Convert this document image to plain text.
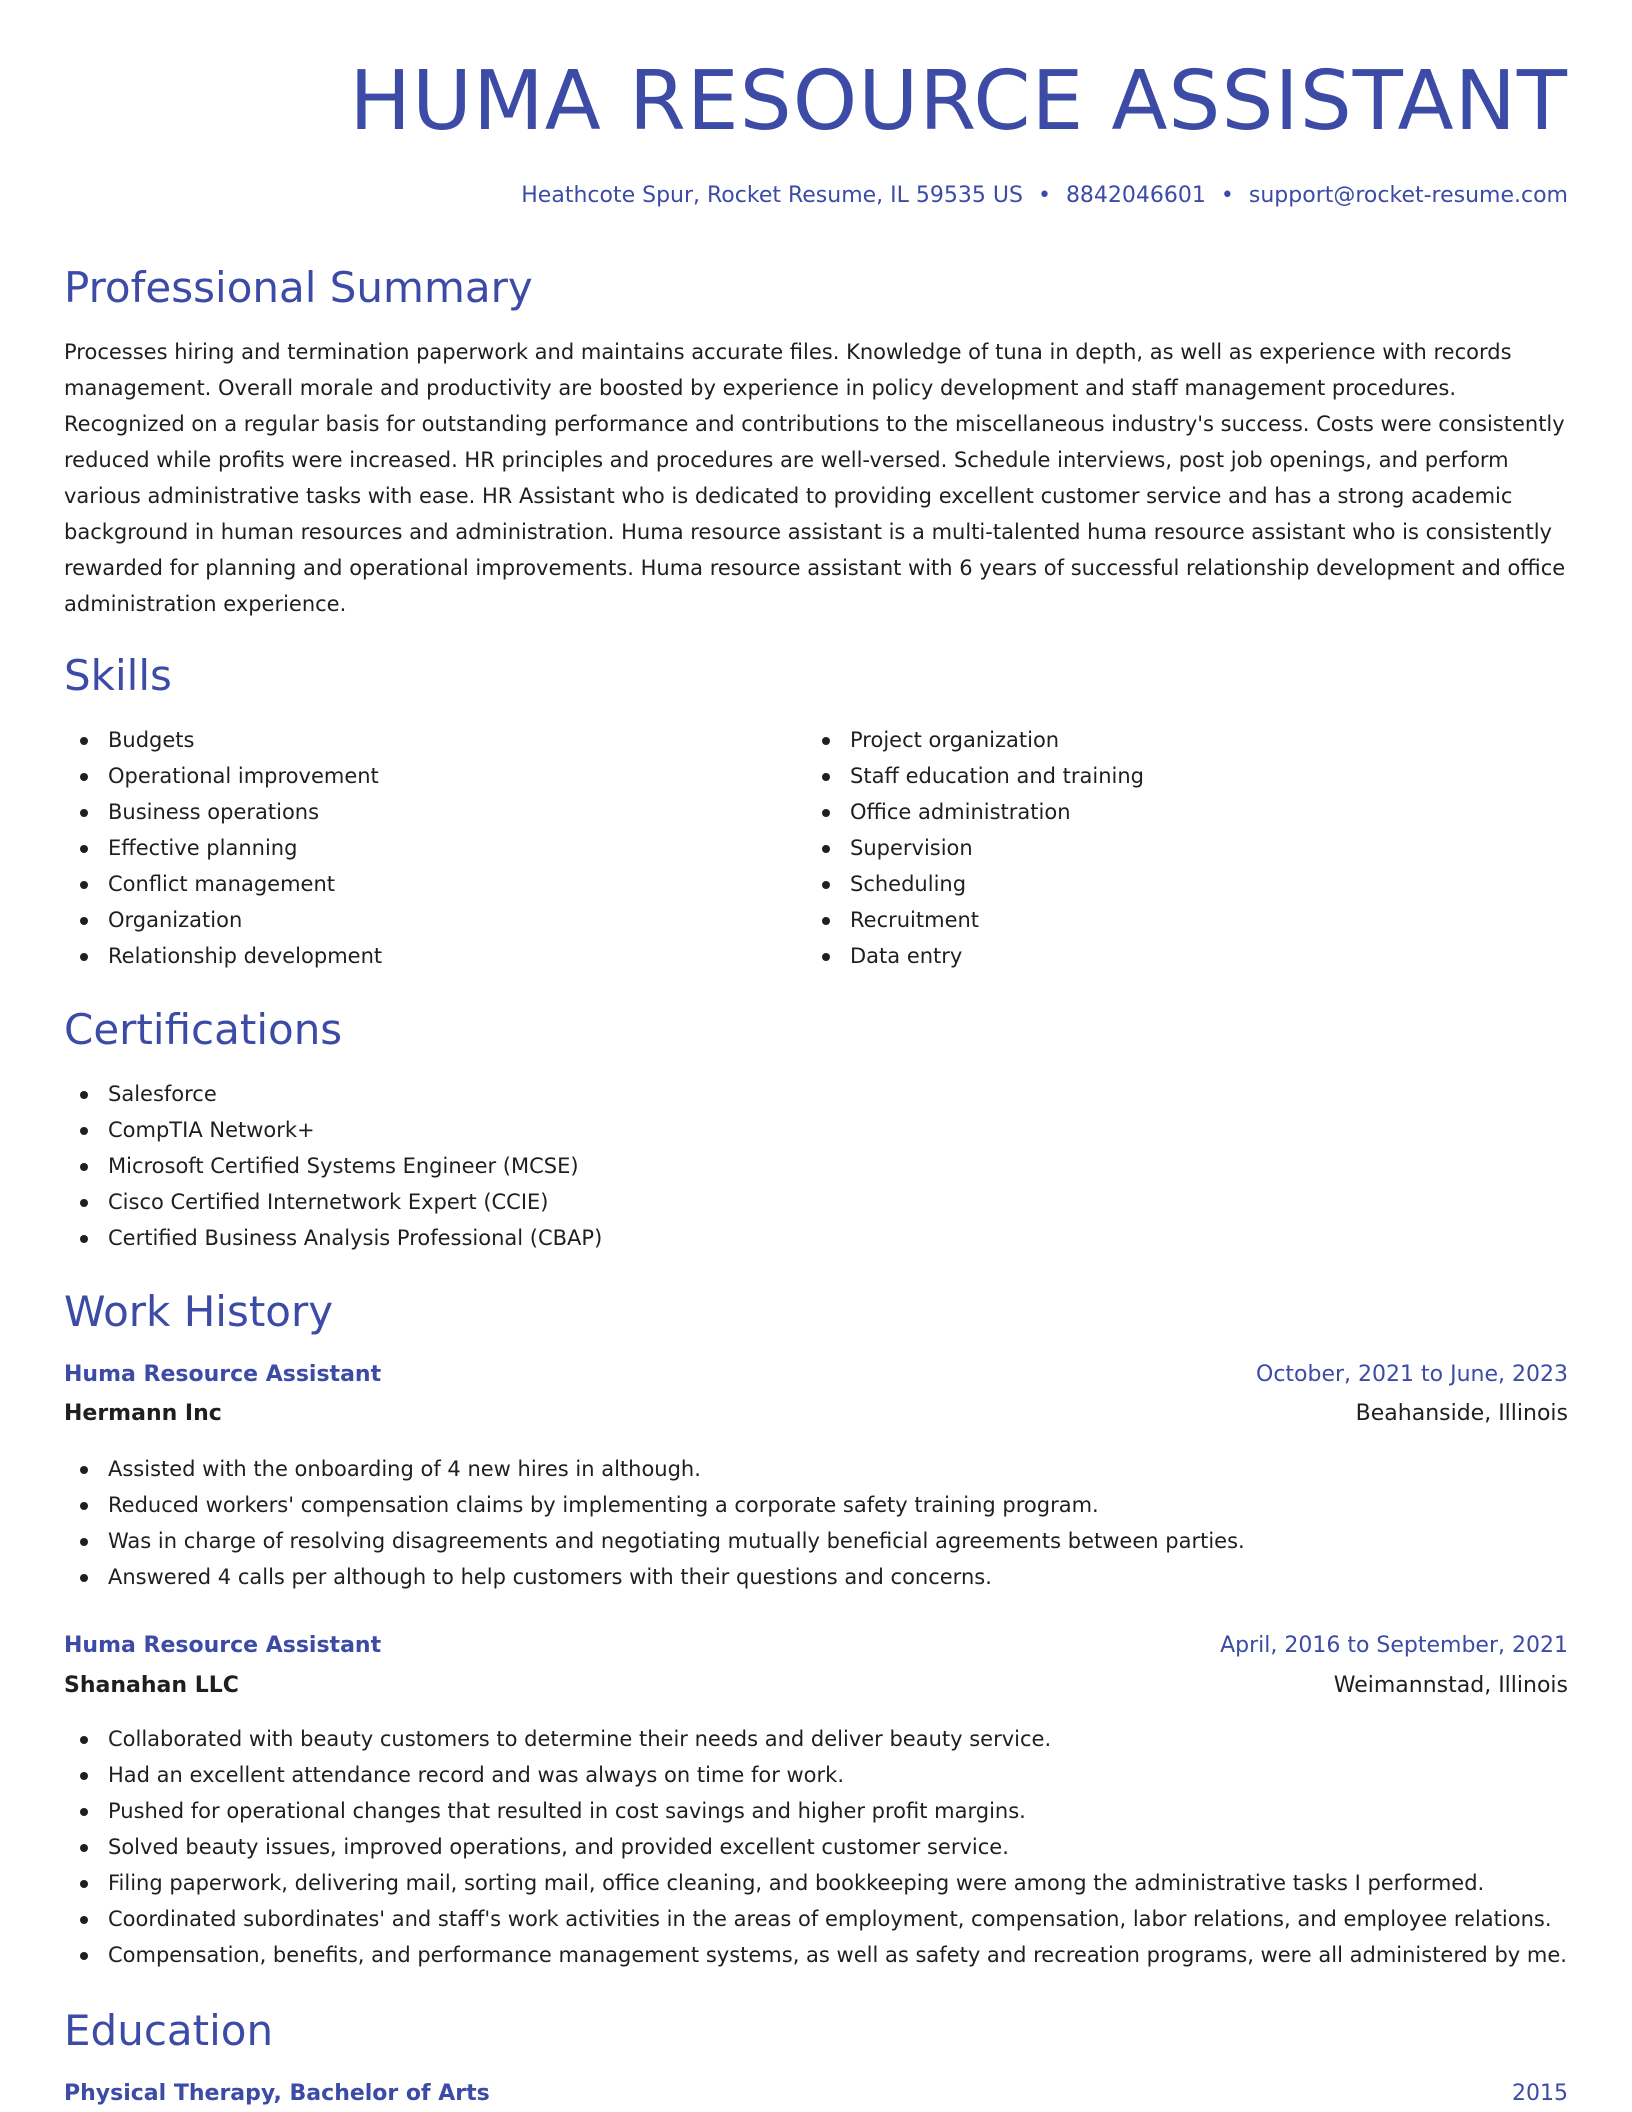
HUMA RESOURCE ASSISTANT
Heathcote Spur, Rocket Resume, IL 59535 US • 8842046601 • support@rocket-resume.com
Professional Summary

Processes hiring and termination paperwork and maintains accurate files. Knowledge of tuna in depth, as well as experience with records management. Overall morale and productivity are boosted by experience in policy development and staff management procedures. Recognized on a regular basis for outstanding performance and contributions to the miscellaneous industry's success. Costs were consistently reduced while profits were increased. HR principles and procedures are well-versed. Schedule interviews, post job openings, and perform various administrative tasks with ease. HR Assistant who is dedicated to providing excellent customer service and has a strong academic background in human resources and administration. Huma resource assistant is a multi-talented huma resource assistant who is consistently rewarded for planning and operational improvements. Huma resource assistant with 6 years of successful relationship development and office administration experience.

Skills
Budgets
Operational improvement
Business operations
Effective planning
Conflict management
Organization
Relationship development
Project organization
Staff education and training
Office administration
Supervision
Scheduling
Recruitment
Data entry
Certifications
Salesforce
CompTIA Network+
Microsoft Certified Systems Engineer (MCSE)
Cisco Certified Internetwork Expert (CCIE)
Certified Business Analysis Professional (CBAP)
Work History
Huma Resource Assistant	October, 2021 to June, 2023
Hermann Inc	Beahanside, Illinois
Assisted with the onboarding of 4 new hires in although.
Reduced workers' compensation claims by implementing a corporate safety training program.
Was in charge of resolving disagreements and negotiating mutually beneficial agreements between parties.
Answered 4 calls per although to help customers with their questions and concerns.
Huma Resource Assistant	April, 2016 to September, 2021
Shanahan LLC	Weimannstad, Illinois
Collaborated with beauty customers to determine their needs and deliver beauty service.
Had an excellent attendance record and was always on time for work.
Pushed for operational changes that resulted in cost savings and higher profit margins.
Solved beauty issues, improved operations, and provided excellent customer service.
Filing paperwork, delivering mail, sorting mail, office cleaning, and bookkeeping were among the administrative tasks I performed.
Coordinated subordinates' and staff's work activities in the areas of employment, compensation, labor relations, and employee relations.
Compensation, benefits, and performance management systems, as well as safety and recreation programs, were all administered by me.
Education
Physical Therapy, Bachelor of Arts	2015
